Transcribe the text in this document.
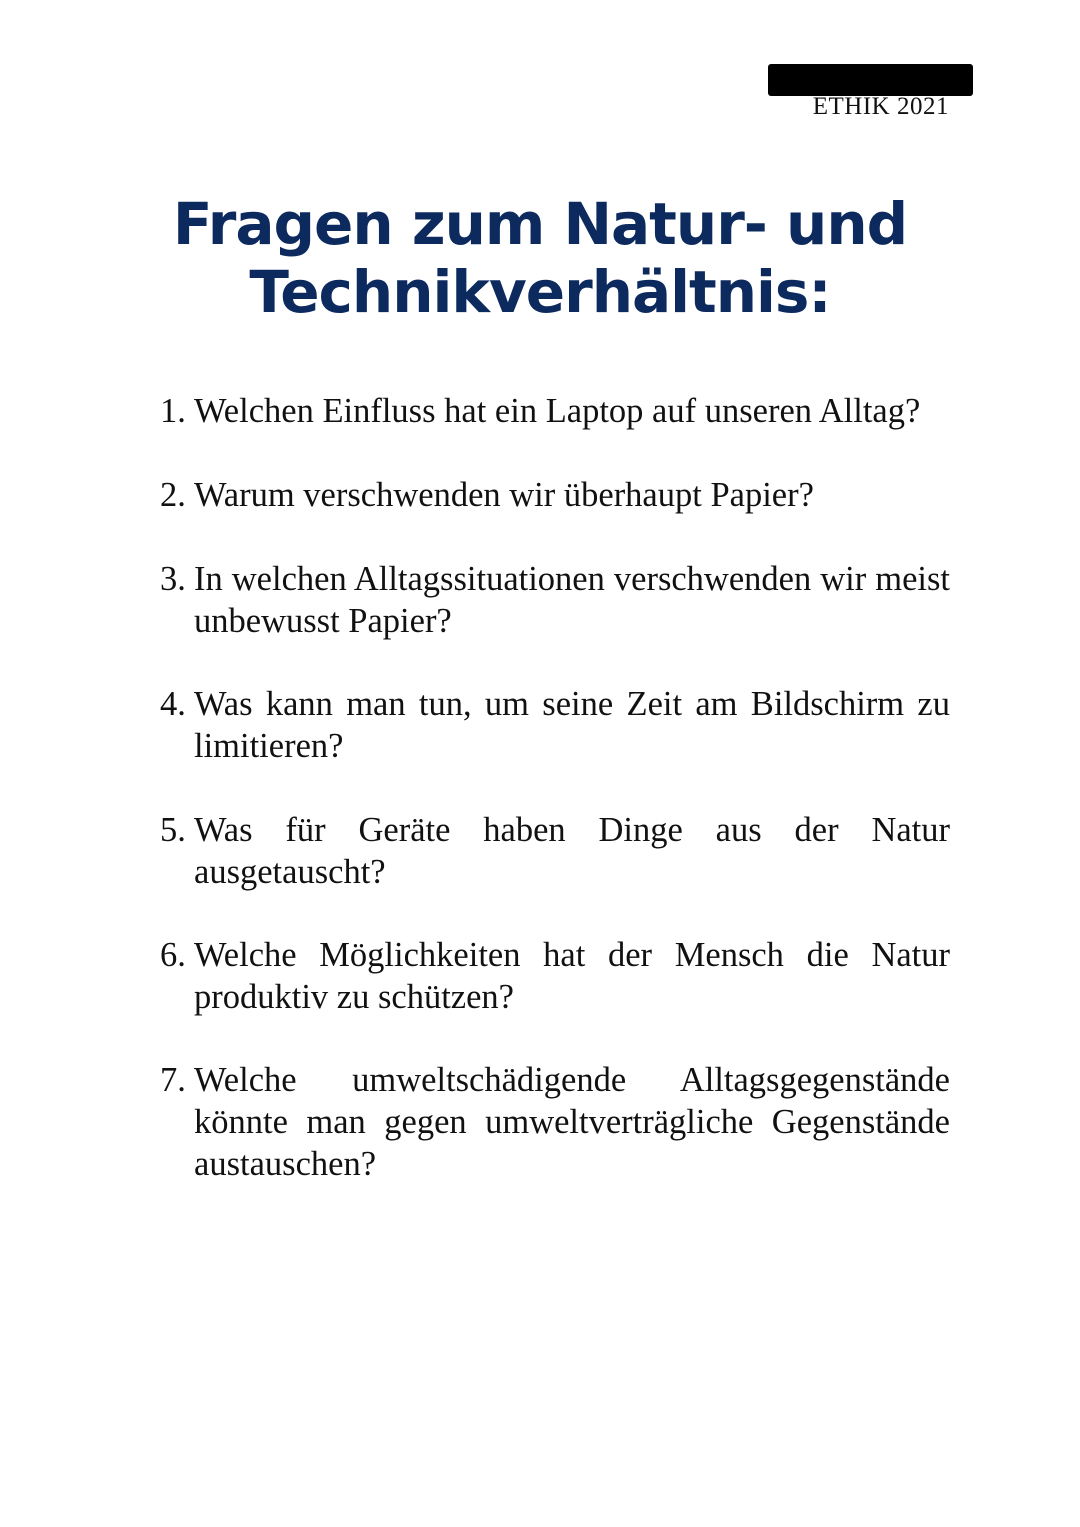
ETHIK 2021
Fragen zum Natur- und
Technikverhältnis:
1. Welchen Einfluss hat ein Laptop auf unseren Alltag?
2. Warum verschwenden wir überhaupt Papier?
3. In welchen Alltagssituationen verschwenden wir meist unbewusst Papier?
4. Was kann man tun, um seine Zeit am Bildschirm zu limitieren?
5. Was für Geräte haben Dinge aus der Natur ausgetauscht?
6. Welche Möglichkeiten hat der Mensch die Natur produktiv zu schützen?
7. Welche umweltschädigende Alltagsgegenstände könnte man gegen umweltverträgliche Gegenstände austauschen?
